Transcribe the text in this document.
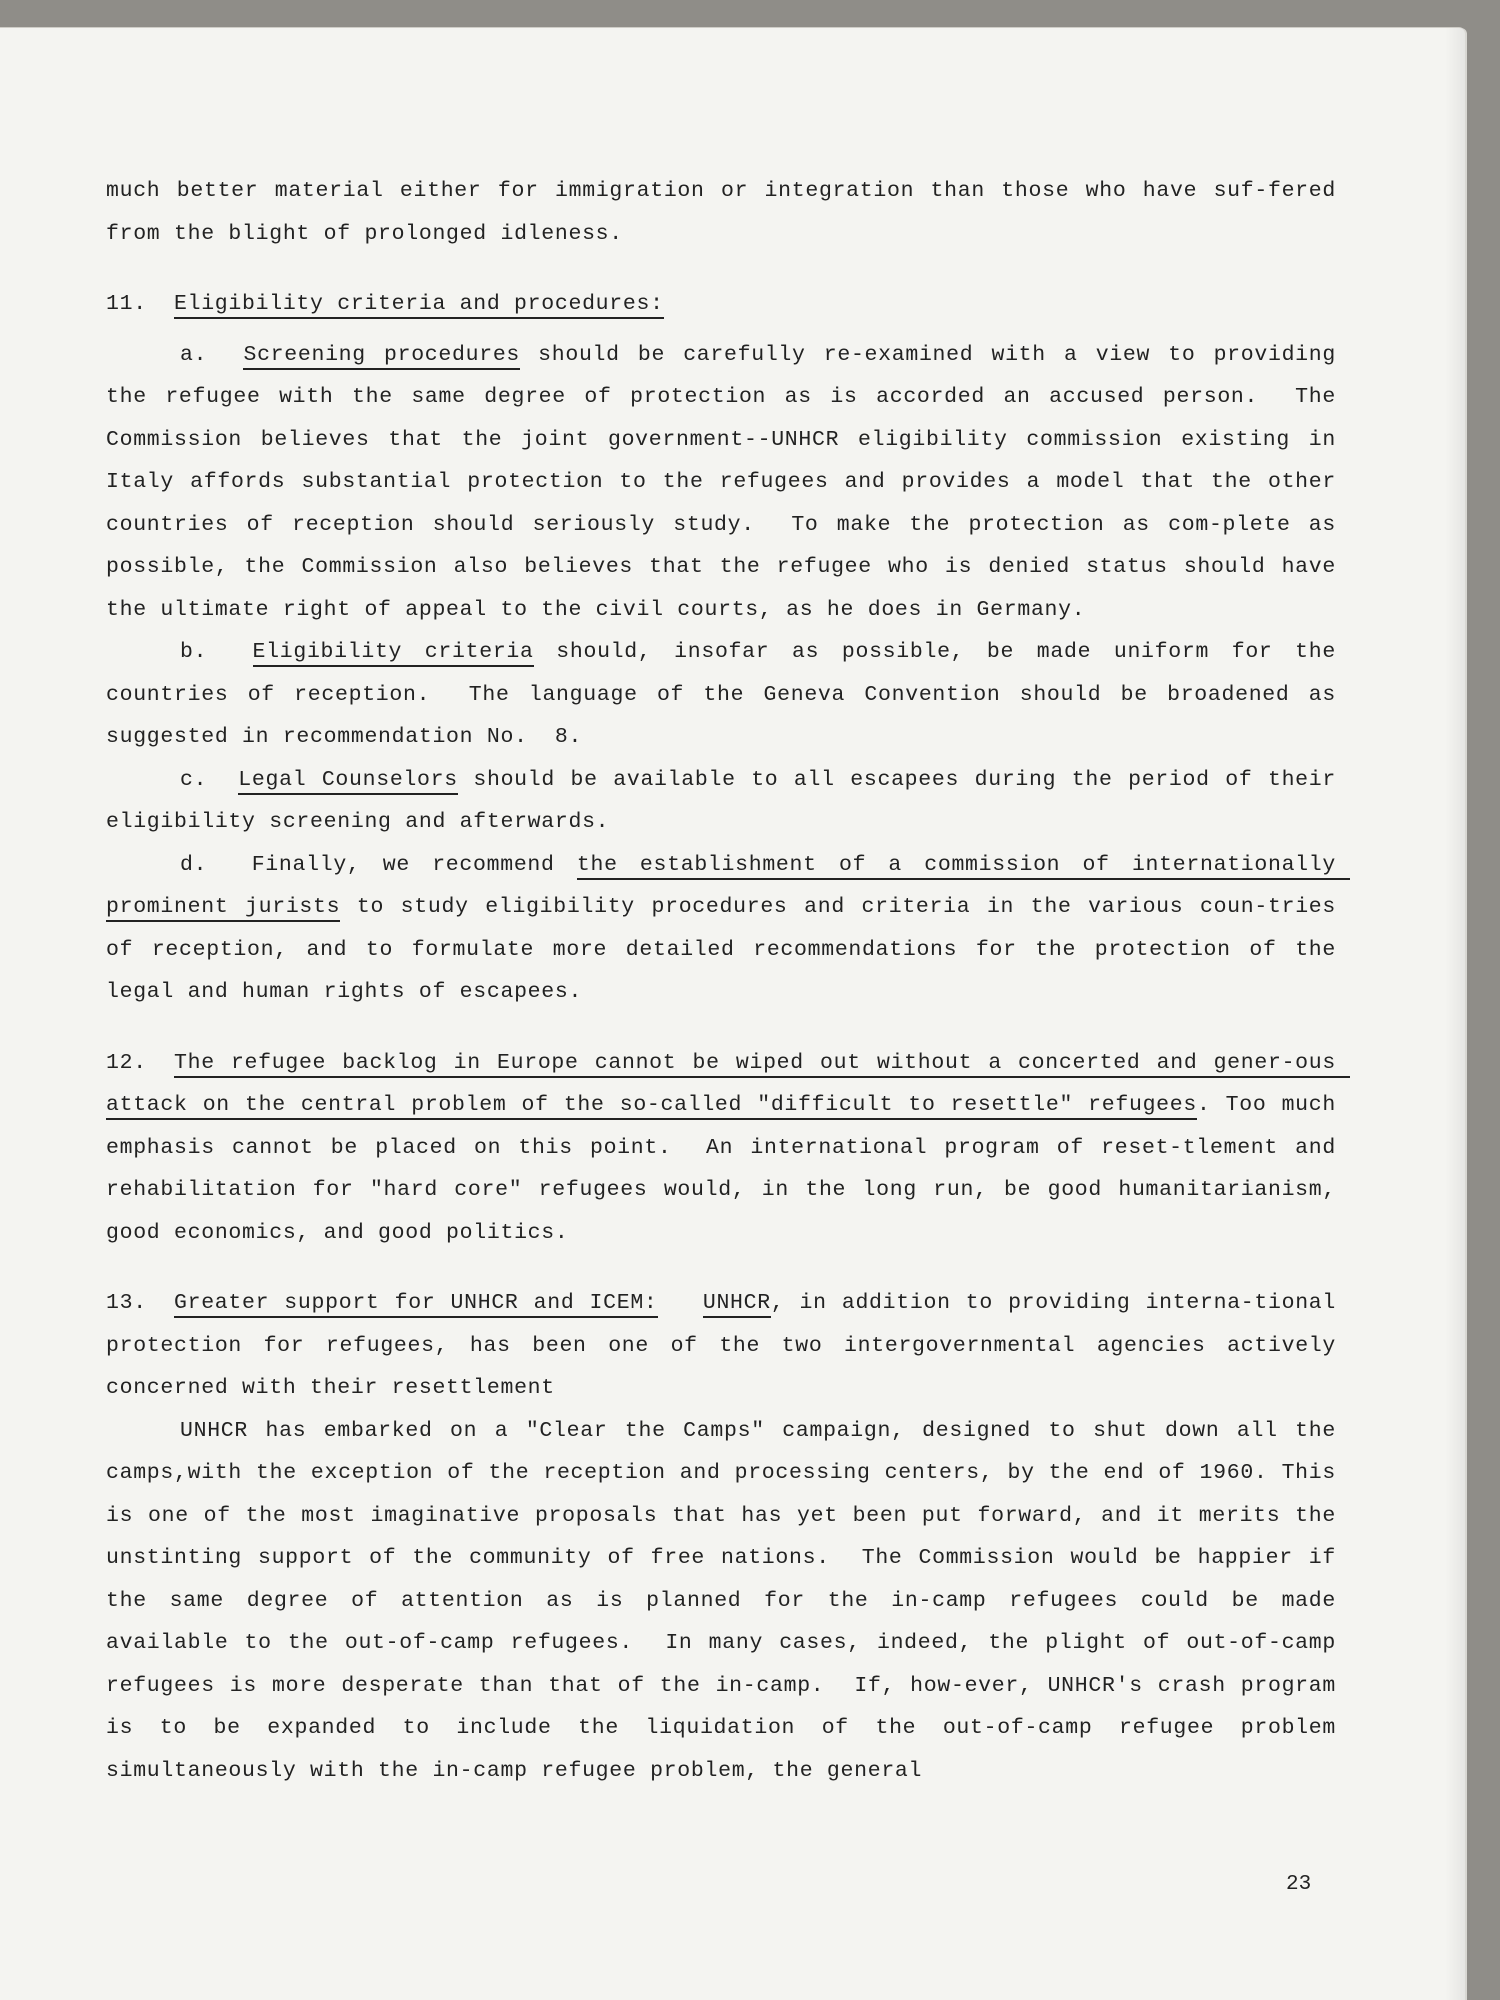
much better material either for immigration or integration than those who have suf-fered from the blight of prolonged idleness.

11. Eligibility criteria and procedures:

a. Screening procedures should be carefully re-examined with a view to providing the refugee with the same degree of protection as is accorded an accused person.  The Commission believes that the joint government--UNHCR eligibility commission existing in Italy affords substantial protection to the refugees and provides a model that the other countries of reception should seriously study.  To make the protection as com-plete as possible, the Commission also believes that the refugee who is denied status should have the ultimate right of appeal to the civil courts, as he does in Germany.

b. Eligibility criteria should, insofar as possible, be made uniform for the countries of reception.  The language of the Geneva Convention should be broadened as suggested in recommendation No.  8.

c. Legal Counselors should be available to all escapees during the period of their eligibility screening and afterwards.

d. Finally, we recommend the establishment of a commission of internationally prominent jurists to study eligibility procedures and criteria in the various coun-tries of reception, and to formulate more detailed recommendations for the protection of the legal and human rights of escapees.

12. The refugee backlog in Europe cannot be wiped out without a concerted and gener-ous attack on the central problem of the so-called "difficult to resettle" refugees. Too much emphasis cannot be placed on this point.  An international program of reset-tlement and rehabilitation for "hard core" refugees would, in the long run, be good humanitarianism, good economics, and good politics.

13. Greater support for UNHCR and ICEM: UNHCR, in addition to providing interna-tional protection for refugees, has been one of the two intergovernmental agencies actively concerned with their resettlement

UNHCR has embarked on a "Clear the Camps" campaign, designed to shut down all the camps,with the exception of the reception and processing centers, by the end of 1960. This is one of the most imaginative proposals that has yet been put forward, and it merits the unstinting support of the community of free nations.  The Commission would be happier if the same degree of attention as is planned for the in-camp refugees could be made available to the out-of-camp refugees.  In many cases, indeed, the plight of out-of-camp refugees is more desperate than that of the in-camp.  If, how-ever, UNHCR's crash program is to be expanded to include the liquidation of the out-of-camp refugee problem simultaneously with the in-camp refugee problem, the general

23
